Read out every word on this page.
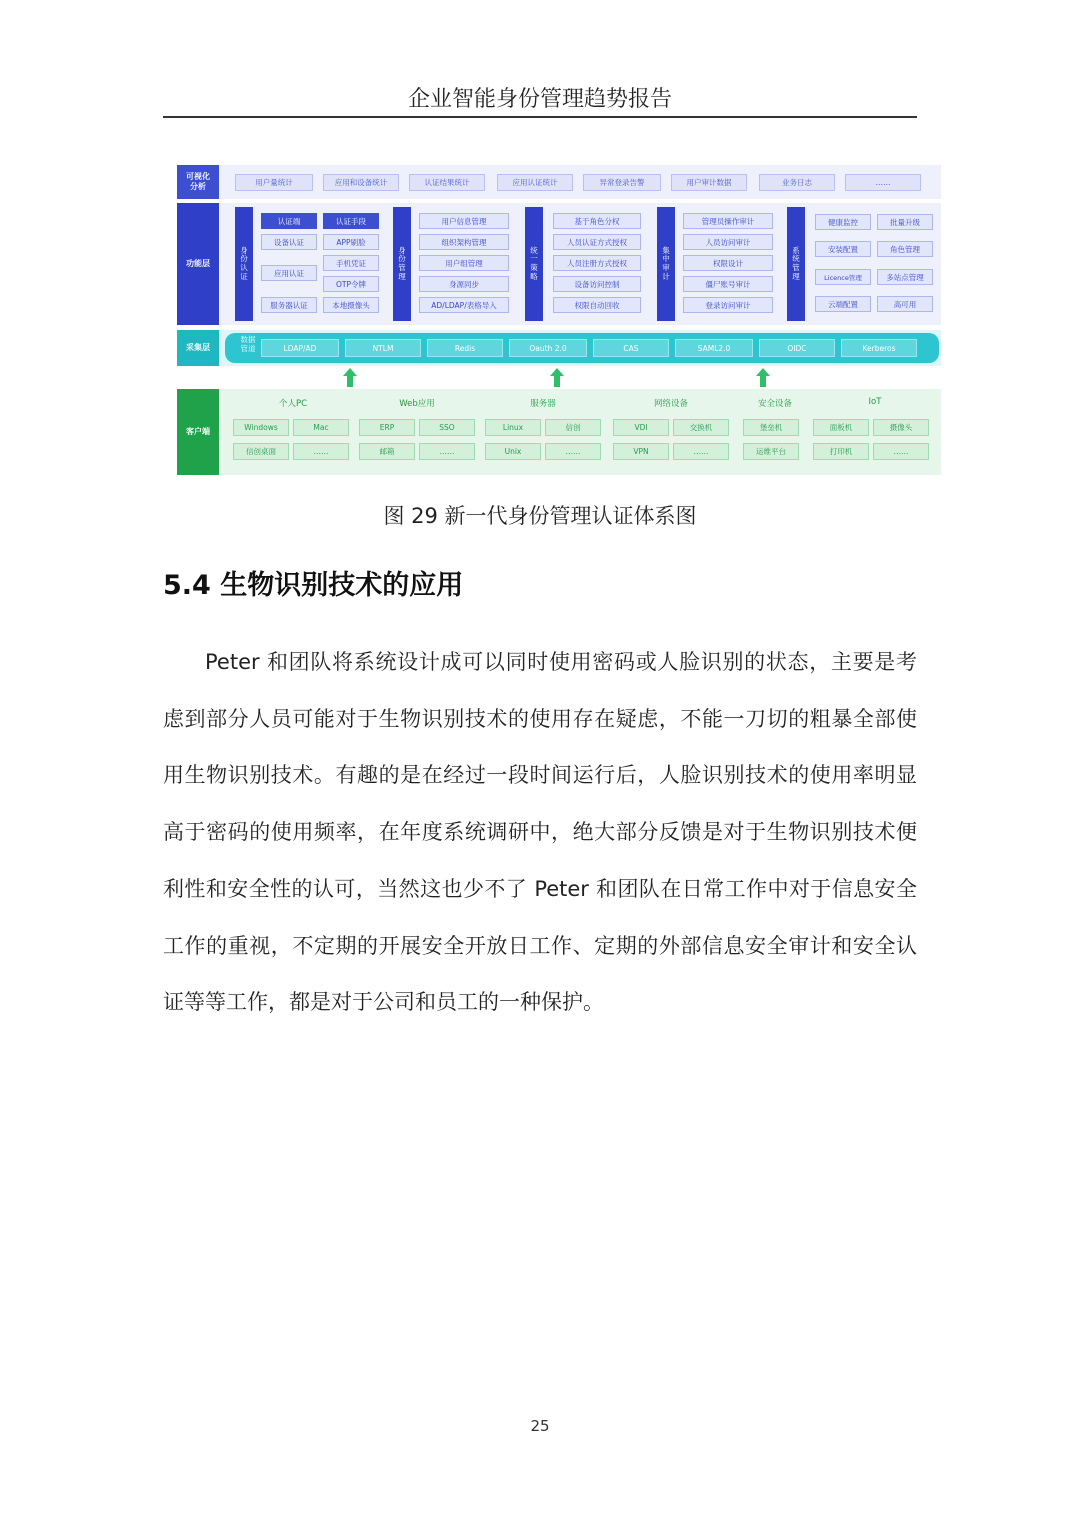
企业智能身份管理趋势报告
可视化
分析	用户量统计	应用和设备统计	认证结果统计	应用认证统计	异常登录告警	用户审计数据	业务日志	……
功能层
身份认证
认证端
设备认证
应用认证
服务器认证
认证手段
APP刷脸
手机凭证
OTP令牌
本地摄像头
身份管理
用户信息管理
组织架构管理
用户组管理
身源同步
AD/LDAP/表格导入
统一策略
基于角色分权
人员认证方式授权
人员注册方式授权
设备访问控制
权限自动回收
集中审计
管理员操作审计
人员访问审计
权限设计
僵尸账号审计
登录访问审计
系统管理
健康监控
安装配置
Licence管理
云端配置
批量升级
角色管理
多站点管理
高可用
采集层
数据
管道	LDAP/AD	NTLM	Redis	Oauth 2.0	CAS	SAML2.0	OIDC	Kerberos
客户端
个人PC
Windows	Mac
信创桌面	……
Web应用
ERP	SSO
邮箱	……
服务器
Linux	信创
Unix	……
网络设备
VDI	交换机
VPN	……
安全设备
堡垒机
运维平台
IoT
面板机	摄像头
打印机	……
图 29 新一代身份管理认证体系图
5.4 生物识别技术的应用

Peter 和团队将系统设计成可以同时使用密码或人脸识别的状态，主要是考虑到部分人员可能对于生物识别技术的使用存在疑虑，不能一刀切的粗暴全部使用生物识别技术。有趣的是在经过一段时间运行后，人脸识别技术的使用率明显高于密码的使用频率，在年度系统调研中，绝大部分反馈是对于生物识别技术便利性和安全性的认可，当然这也少不了 Peter 和团队在日常工作中对于信息安全工作的重视，不定期的开展安全开放日工作、定期的外部信息安全审计和安全认证等等工作，都是对于公司和员工的一种保护。

25
